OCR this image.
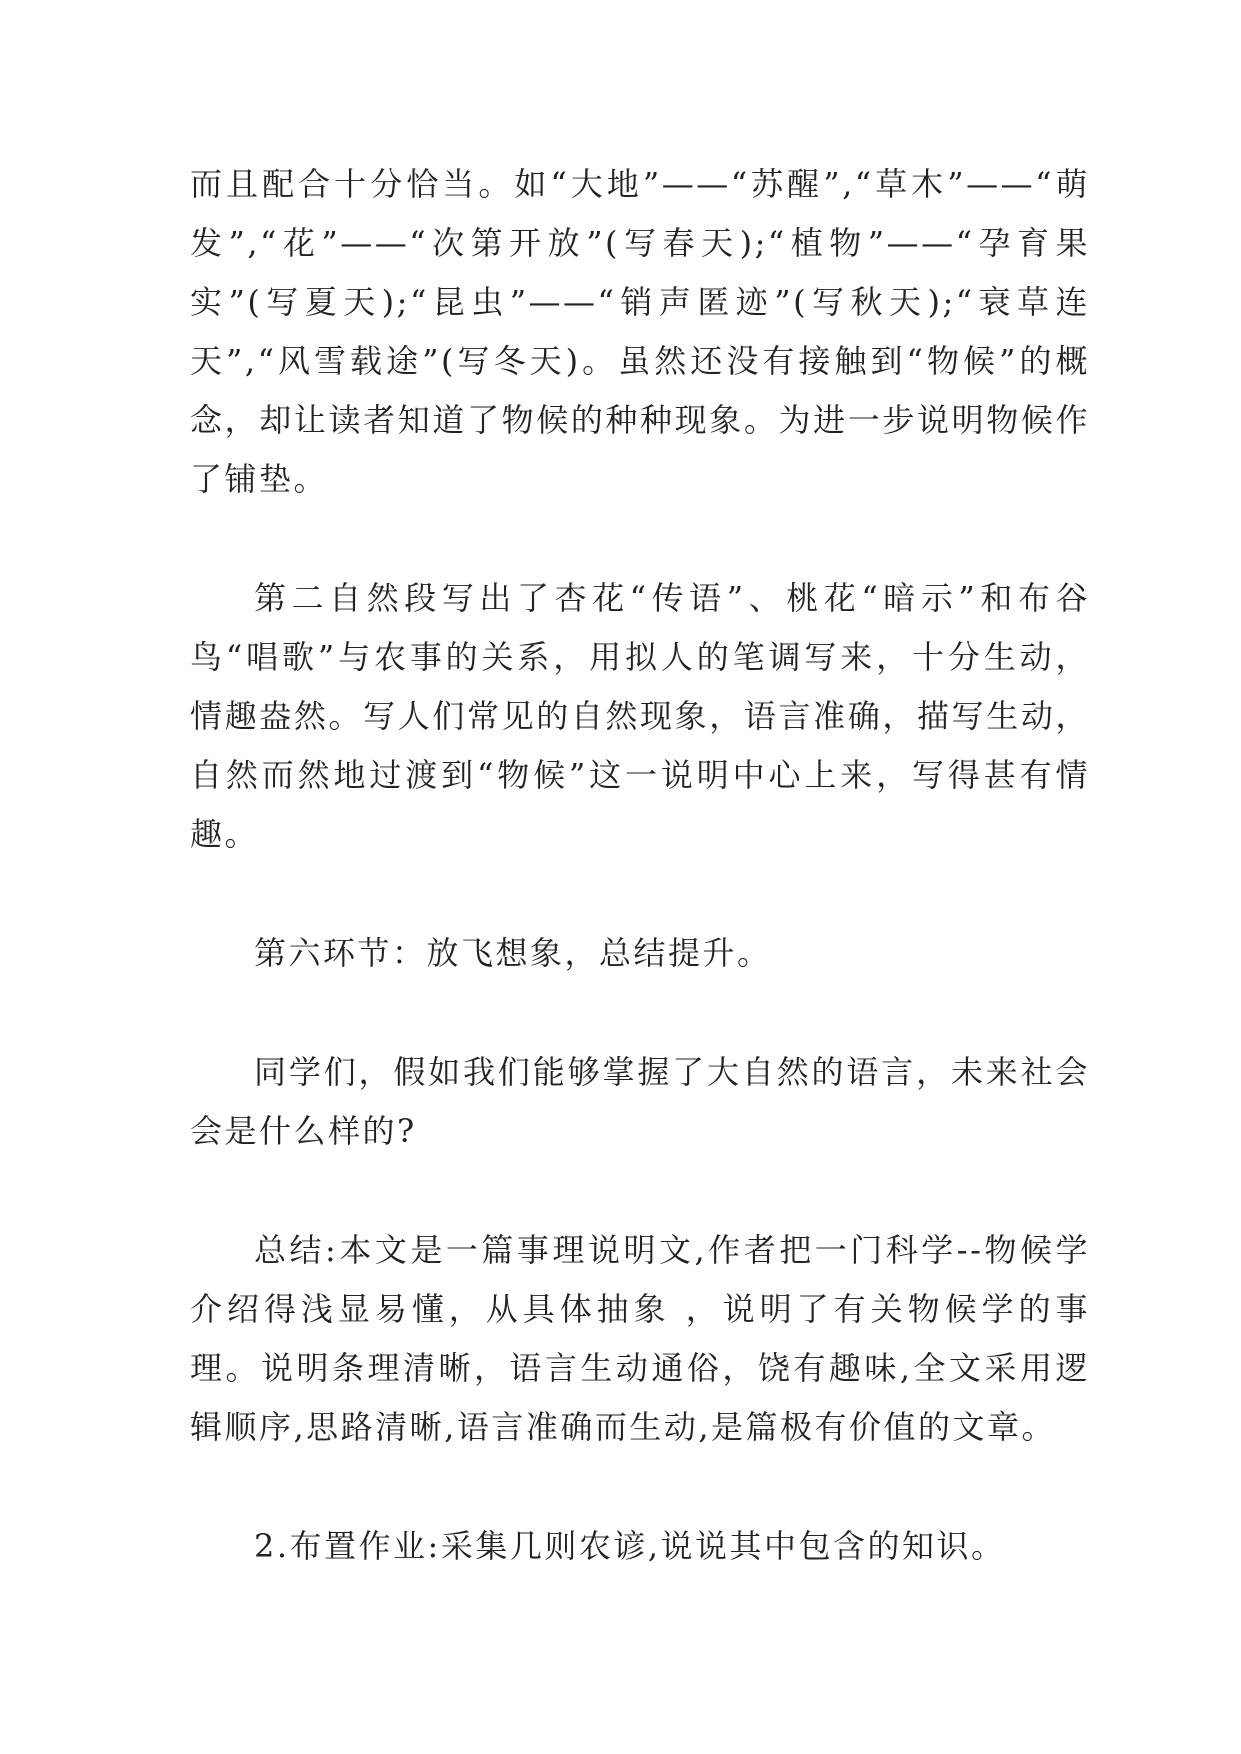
而且配合十分恰当。如“大地”——“苏醒”,“草木”——“萌发”,“花”——“次第开放”(写春天);“植物”——“孕育果实”(写夏天);“昆虫”——“销声匿迹”(写秋天);“衰草连天”,“风雪载途”(写冬天)。虽然还没有接触到“物候”的概念，却让读者知道了物候的种种现象。为进一步说明物候作了铺垫。

第二自然段写出了杏花“传语”、桃花“暗示”和布谷鸟“唱歌”与农事的关系，用拟人的笔调写来，十分生动，情趣盎然。写人们常见的自然现象，语言准确，描写生动，自然而然地过渡到“物候”这一说明中心上来，写得甚有情趣。

第六环节：放飞想象，总结提升。

同学们，假如我们能够掌握了大自然的语言，未来社会会是什么样的?

总结:本文是一篇事理说明文,作者把一门科学--物候学介绍得浅显易懂，从具体抽象 ，说明了有关物候学的事理。说明条理清晰，语言生动通俗，饶有趣味,全文采用逻辑顺序,思路清晰,语言准确而生动,是篇极有价值的文章。

2.布置作业:采集几则农谚,说说其中包含的知识。
